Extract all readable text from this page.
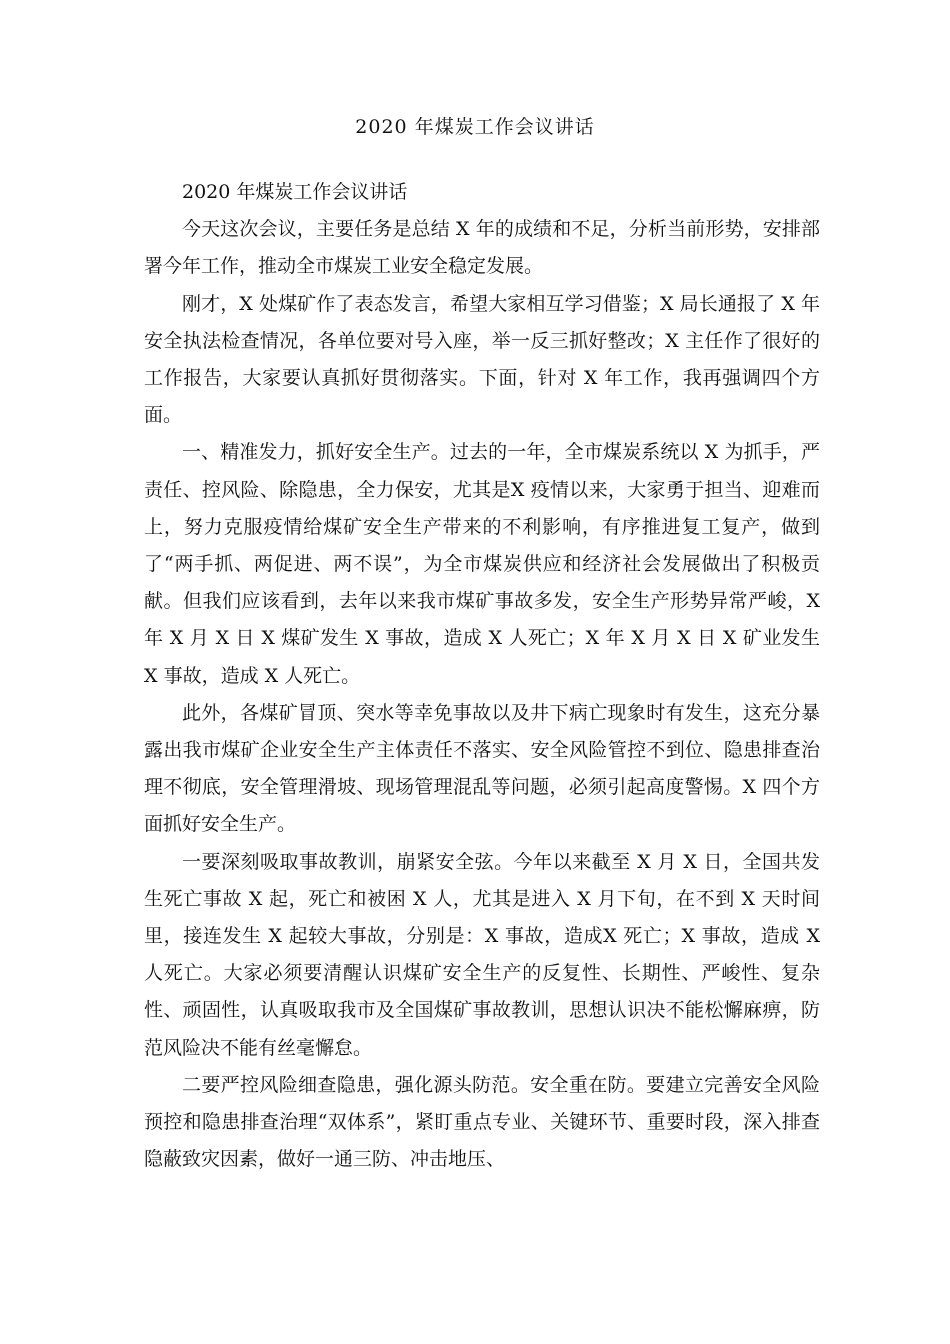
2020 年煤炭工作会议讲话

2020 年煤炭工作会议讲话

今天这次会议，主要任务是总结 X 年的成绩和不足，分析当前形势，安排部署今年工作，推动全市煤炭工业安全稳定发展。

刚才，X 处煤矿作了表态发言，希望大家相互学习借鉴；X 局长通报了 X 年安全执法检查情况，各单位要对号入座，举一反三抓好整改；X 主任作了很好的工作报告，大家要认真抓好贯彻落实。下面，针对 X 年工作，我再强调四个方面。

一、精准发力，抓好安全生产。过去的一年，全市煤炭系统以 X 为抓手，严责任、控风险、除隐患，全力保安，尤其是X 疫情以来，大家勇于担当、迎难而上，努力克服疫情给煤矿安全生产带来的不利影响，有序推进复工复产，做到了“两手抓、两促进、两不误”，为全市煤炭供应和经济社会发展做出了积极贡献。但我们应该看到，去年以来我市煤矿事故多发，安全生产形势异常严峻，X 年 X 月 X 日 X 煤矿发生 X 事故，造成 X 人死亡；X 年 X 月 X 日 X 矿业发生 X 事故，造成 X 人死亡。

此外，各煤矿冒顶、突水等幸免事故以及井下病亡现象时有发生，这充分暴露出我市煤矿企业安全生产主体责任不落实、安全风险管控不到位、隐患排查治理不彻底，安全管理滑坡、现场管理混乱等问题，必须引起高度警惕。X 四个方面抓好安全生产。

一要深刻吸取事故教训，崩紧安全弦。今年以来截至 X 月 X 日，全国共发生死亡事故 X 起，死亡和被困 X 人，尤其是进入 X 月下旬，在不到 X 天时间里，接连发生 X 起较大事故，分别是：X 事故，造成X 死亡；X 事故，造成 X 人死亡。大家必须要清醒认识煤矿安全生产的反复性、长期性、严峻性、复杂性、顽固性，认真吸取我市及全国煤矿事故教训，思想认识决不能松懈麻痹，防范风险决不能有丝毫懈怠。

二要严控风险细查隐患，强化源头防范。安全重在防。要建立完善安全风险预控和隐患排查治理“双体系”，紧盯重点专业、关键环节、重要时段，深入排查隐蔽致灾因素，做好一通三防、冲击地压、
